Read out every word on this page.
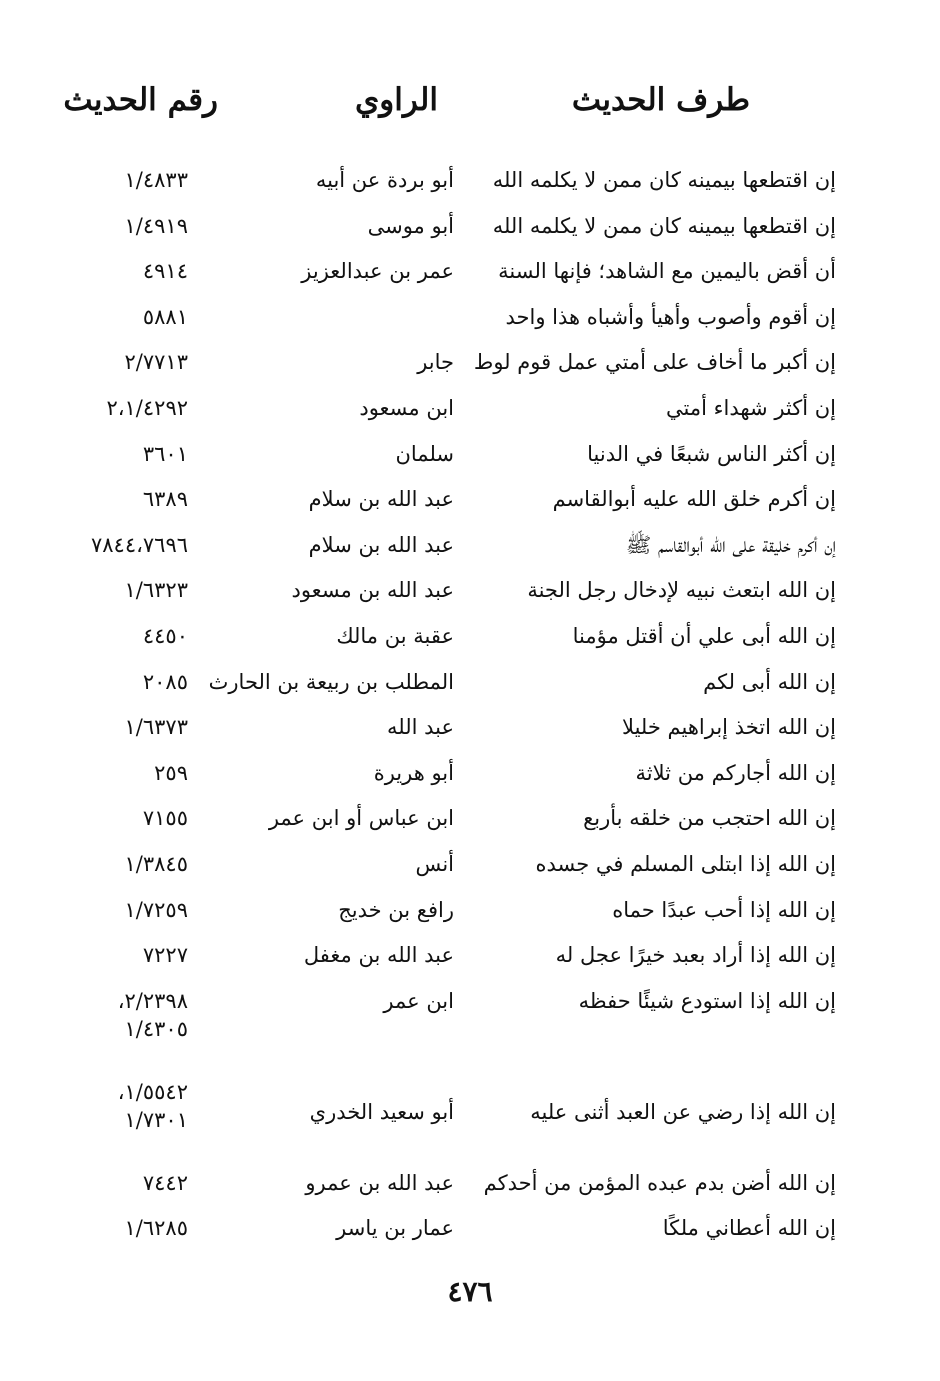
طرف الحديث
الراوي
رقم الحديث
إن اقتطعها بيمينه كان ممن لا يكلمه الله
أبو بردة عن أبيه
١/٤٨٣٣
إن اقتطعها بيمينه كان ممن لا يكلمه الله
أبو موسى
١/٤٩١٩
أن أقض باليمين مع الشاهد؛ فإنها السنة
عمر بن عبدالعزيز
٤٩١٤
إن أقوم وأصوب وأهيأ وأشباه هذا واحد
٥٨٨١
إن أكبر ما أخاف على أمتي عمل قوم لوط
جابر
٢/٧٧١٣
إن أكثر شهداء أمتي
ابن مسعود
٢،١/٤٢٩٢
إن أكثر الناس شبعًا في الدنيا
سلمان
٣٦٠١
إن أكرم خلق الله عليه أبوالقاسم
عبد الله بن سلام
٦٣٨٩
إن أكرم خليقة على الله أبوالقاسم ﷺ
عبد الله بن سلام
٧٨٤٤،٧٦٩٦
إن الله ابتعث نبيه لإدخال رجل الجنة
عبد الله بن مسعود
١/٦٣٢٣
إن الله أبى علي أن أقتل مؤمنا
عقبة بن مالك
٤٤٥٠
إن الله أبى لكم
المطلب بن ربيعة بن الحارث
٢٠٨٥
إن الله اتخذ إبراهيم خليلا
عبد الله
١/٦٣٧٣
إن الله أجاركم من ثلاثة
أبو هريرة
٢٥٩
إن الله احتجب من خلقه بأربع
ابن عباس أو ابن عمر
٧١٥٥
إن الله إذا ابتلى المسلم في جسده
أنس
١/٣٨٤٥
إن الله إذا أحب عبدًا حماه
رافع بن خديج
١/٧٢٥٩
إن الله إذا أراد بعبد خيرًا عجل له
عبد الله بن مغفل
٧٢٢٧
إن الله إذا استودع شيئًا حفظه
ابن عمر
٢/٢٣٩٨،
١/٤٣٠٥
إن الله إذا رضي عن العبد أثنى عليه
أبو سعيد الخدري
١/٥٥٤٢،
١/٧٣٠١
إن الله أضن بدم عبده المؤمن من أحدكم
عبد الله بن عمرو
٧٤٤٢
إن الله أعطاني ملكًا
عمار بن ياسر
١/٦٢٨٥
٤٧٦
